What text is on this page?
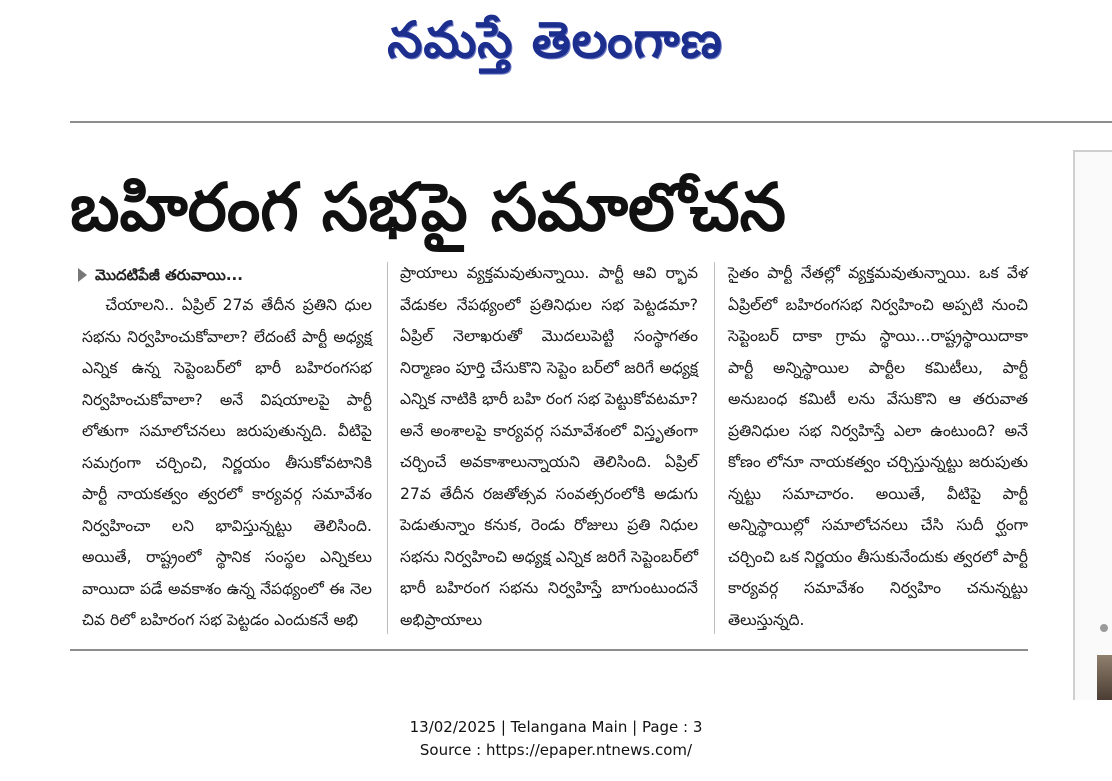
నమస్తే తెలంగాణ
బహిరంగ సభపై సమాలోచన
మొదటిపేజీ తరువాయి...

చేయాలని.. ఏప్రిల్ 27వ తేదీన ప్రతిని ధుల సభను నిర్వహించుకోవాలా? లేదంటే పార్టీ అధ్యక్ష ఎన్నిక ఉన్న సెప్టెంబర్‌లో భారీ బహిరంగసభ నిర్వహించుకోవాలా? అనే విషయాలపై పార్టీ లోతుగా సమాలోచనలు జరుపుతున్నది. వీటిపై సమగ్రంగా చర్చించి, నిర్ణయం తీసుకోవటానికి పార్టీ నాయకత్వం త్వరలో కార్యవర్గ సమావేశం నిర్వహించా లని భావిస్తున్నట్టు తెలిసింది. అయితే, రాష్ట్రంలో స్థానిక సంస్థల ఎన్నికలు వాయిదా పడే అవకాశం ఉన్న నేపథ్యంలో ఈ నెల చివ రిలో బహిరంగ సభ పెట్టడం ఎందుకనే అభి

ప్రాయాలు వ్యక్తమవుతున్నాయి. పార్టీ ఆవి ర్భావ వేడుకల నేపథ్యంలో ప్రతినిధుల సభ పెట్టడమా? ఏప్రిల్ నెలాఖరుతో మొదలుపెట్టి సంస్థాగతం నిర్మాణం పూర్తి చేసుకొని సెప్టెం బర్‌లో జరిగే అధ్యక్ష ఎన్నిక నాటికి భారీ బహి రంగ సభ పెట్టుకోవటమా? అనే అంశాలపై కార్యవర్గ సమావేశంలో విస్తృతంగా చర్చించే అవకాశాలున్నాయని తెలిసింది. ఏప్రిల్ 27వ తేదీన రజతోత్సవ సంవత్సరంలోకి అడుగు పెడుతున్నాం కనుక, రెండు రోజులు ప్రతి నిధుల సభను నిర్వహించి అధ్యక్ష ఎన్నిక జరిగే సెప్టెంబర్‌లో భారీ బహిరంగ సభను నిర్వహిస్తే బాగుంటుందనే అభిప్రాయాలు

సైతం పార్టీ నేతల్లో వ్యక్తమవుతున్నాయి. ఒక వేళ ఏప్రిల్‌లో బహిరంగసభ నిర్వహించి అప్పటి నుంచి సెప్టెంబర్ దాకా గ్రామ స్థాయి...రాష్ట్రస్థాయిదాకా పార్టీ అన్నిస్థాయిల పార్టీల కమిటీలు, పార్టీ అనుబంధ కమిటీ లను వేసుకొని ఆ తరువాత ప్రతినిధుల సభ నిర్వహిస్తే ఎలా ఉంటుంది? అనే కోణం లోనూ నాయకత్వం చర్చిస్తున్నట్టు జరుపుతు న్నట్టు సమాచారం. అయితే, వీటిపై పార్టీ అన్నిస్థాయిల్లో సమాలోచనలు చేసి సుదీ ర్ఘంగా చర్చించి ఒక నిర్ణయం తీసుకునేందుకు త్వరలో పార్టీ కార్యవర్గ సమావేశం నిర్వహిం చనున్నట్టు తెలుస్తున్నది.

13/02/2025 | Telangana Main | Page : 3
Source : https://epaper.ntnews.com/
